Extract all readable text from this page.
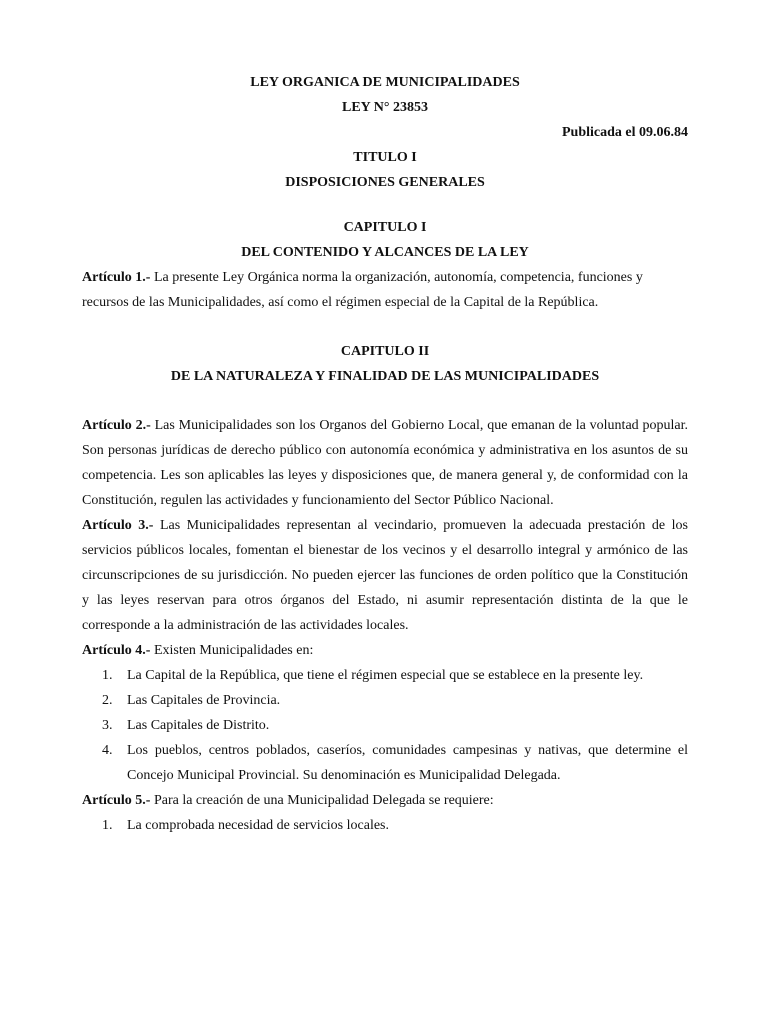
LEY ORGANICA DE MUNICIPALIDADES

LEY N° 23853

Publicada el 09.06.84

TITULO I

DISPOSICIONES GENERALES

CAPITULO I

DEL CONTENIDO Y ALCANCES DE LA LEY

Artículo 1.- La presente Ley Orgánica norma la organización, autonomía, competencia, funciones y recursos de las Municipalidades, así como el régimen especial de la Capital de la República.

CAPITULO II

DE LA NATURALEZA Y FINALIDAD DE LAS MUNICIPALIDADES

Artículo 2.- Las Municipalidades son los Organos del Gobierno Local, que emanan de la voluntad popular. Son personas jurídicas de derecho público con autonomía económica y administrativa en los asuntos de su competencia. Les son aplicables las leyes y disposiciones que, de manera general y, de conformidad con la Constitución, regulen las actividades y funcionamiento del Sector Público Nacional.

Artículo 3.- Las Municipalidades representan al vecindario, promueven la adecuada prestación de los servicios públicos locales, fomentan el bienestar de los vecinos y el desarrollo integral y armónico de las circunscripciones de su jurisdicción. No pueden ejercer las funciones de orden político que la Constitución y las leyes reservan para otros órganos del Estado, ni asumir representación distinta de la que le corresponde a la administración de las actividades locales.

Artículo 4.- Existen Municipalidades en:

1. La Capital de la República, que tiene el régimen especial que se establece en la presente ley.
2. Las Capitales de Provincia.
3. Las Capitales de Distrito.
4. Los pueblos, centros poblados, caseríos, comunidades campesinas y nativas, que determine el Concejo Municipal Provincial. Su denominación es Municipalidad Delegada.

Artículo 5.- Para la creación de una Municipalidad Delegada se requiere:

1. La comprobada necesidad de servicios locales.
